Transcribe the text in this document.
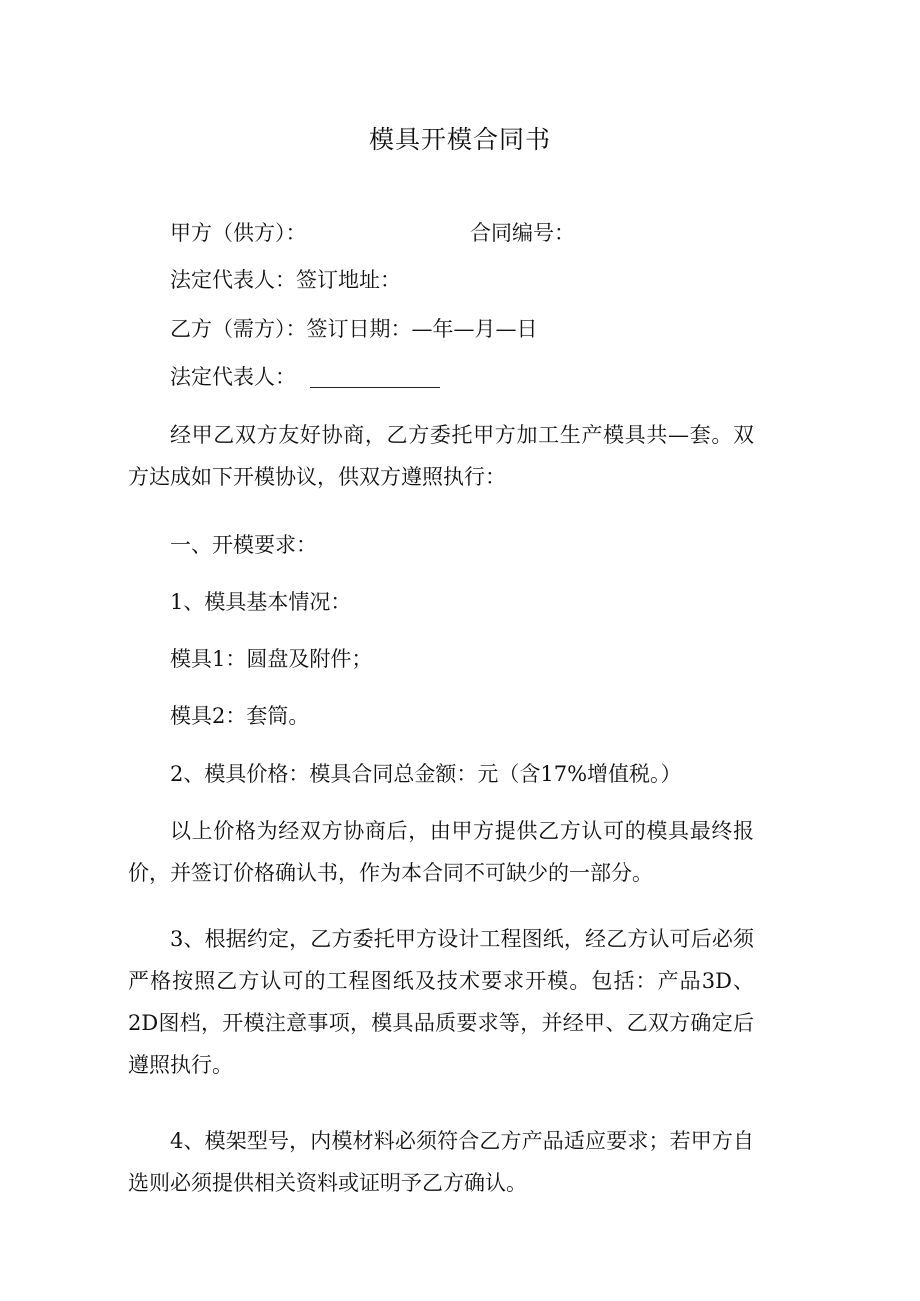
模具开模合同书
甲方（供方）：	合同编号：
法定代表人：签订地址：
乙方（需方）：签订日期：—年—月—日
法定代表人：
经甲乙双方友好协商，乙方委托甲方加工生产模具共—套。双方达成如下开模协议，供双方遵照执行：
一、开模要求：
1、模具基本情况：
模具1：圆盘及附件；
模具2：套筒。
2、模具价格：模具合同总金额：元（含17%增值税。）
以上价格为经双方协商后，由甲方提供乙方认可的模具最终报价，并签订价格确认书，作为本合同不可缺少的一部分。
3、根据约定，乙方委托甲方设计工程图纸，经乙方认可后必须严格按照乙方认可的工程图纸及技术要求开模。包括：产品3D、2D图档，开模注意事项，模具品质要求等，并经甲、乙双方确定后遵照执行。
4、模架型号，内模材料必须符合乙方产品适应要求；若甲方自选则必须提供相关资料或证明予乙方确认。
